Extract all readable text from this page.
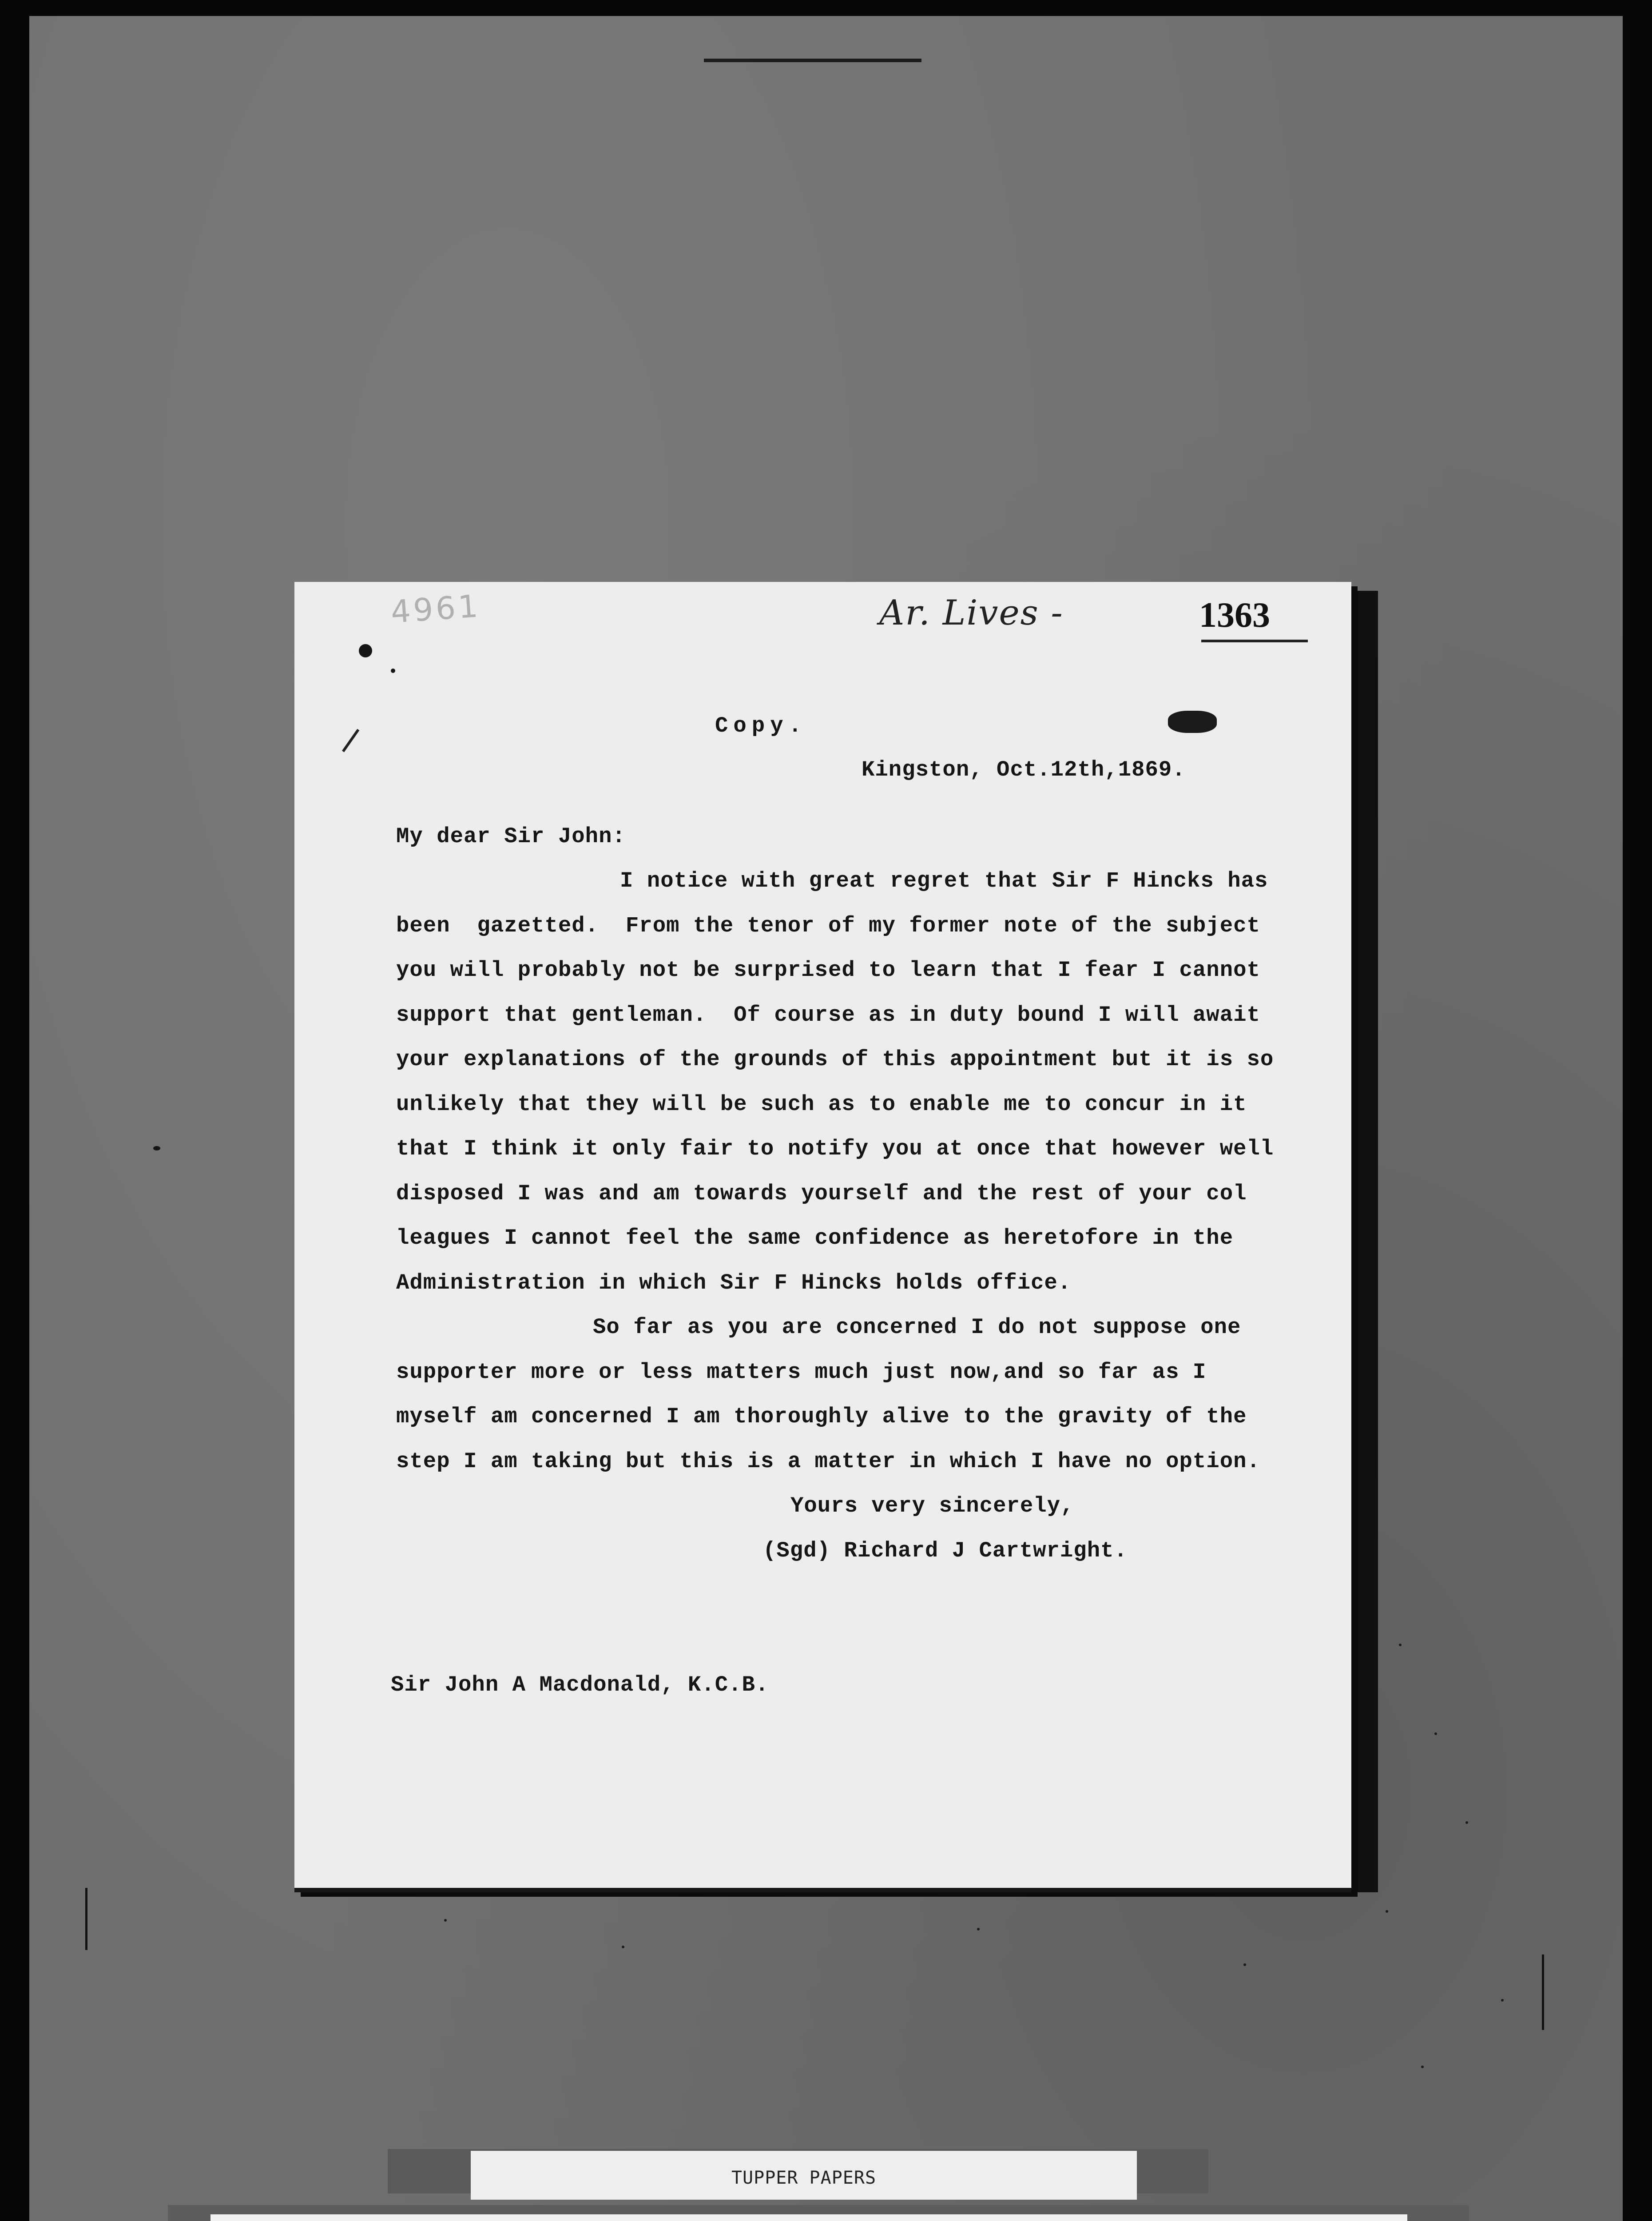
4961	Ar. Lives -	1363
Copy.
Kingston, Oct.12th,1869.
My dear Sir John:
I notice with great regret that Sir F Hincks has
been  gazetted.  From the tenor of my former note of the subject
you will probably not be surprised to learn that I fear I cannot
support that gentleman.  Of course as in duty bound I will await
your explanations of the grounds of this appointment but it is so
unlikely that they will be such as to enable me to concur in it
that I think it only fair to notify you at once that however well
disposed I was and am towards yourself and the rest of your col
leagues I cannot feel the same confidence as heretofore in the
Administration in which Sir F Hincks holds office.
So far as you are concerned I do not suppose one
supporter more or less matters much just now,and so far as I
myself am concerned I am thoroughly alive to the gravity of the
step I am taking but this is a matter in which I have no option.
Yours very sincerely,
(Sgd) Richard J Cartwright.
Sir John A Macdonald, K.C.B.
TUPPER PAPERS
